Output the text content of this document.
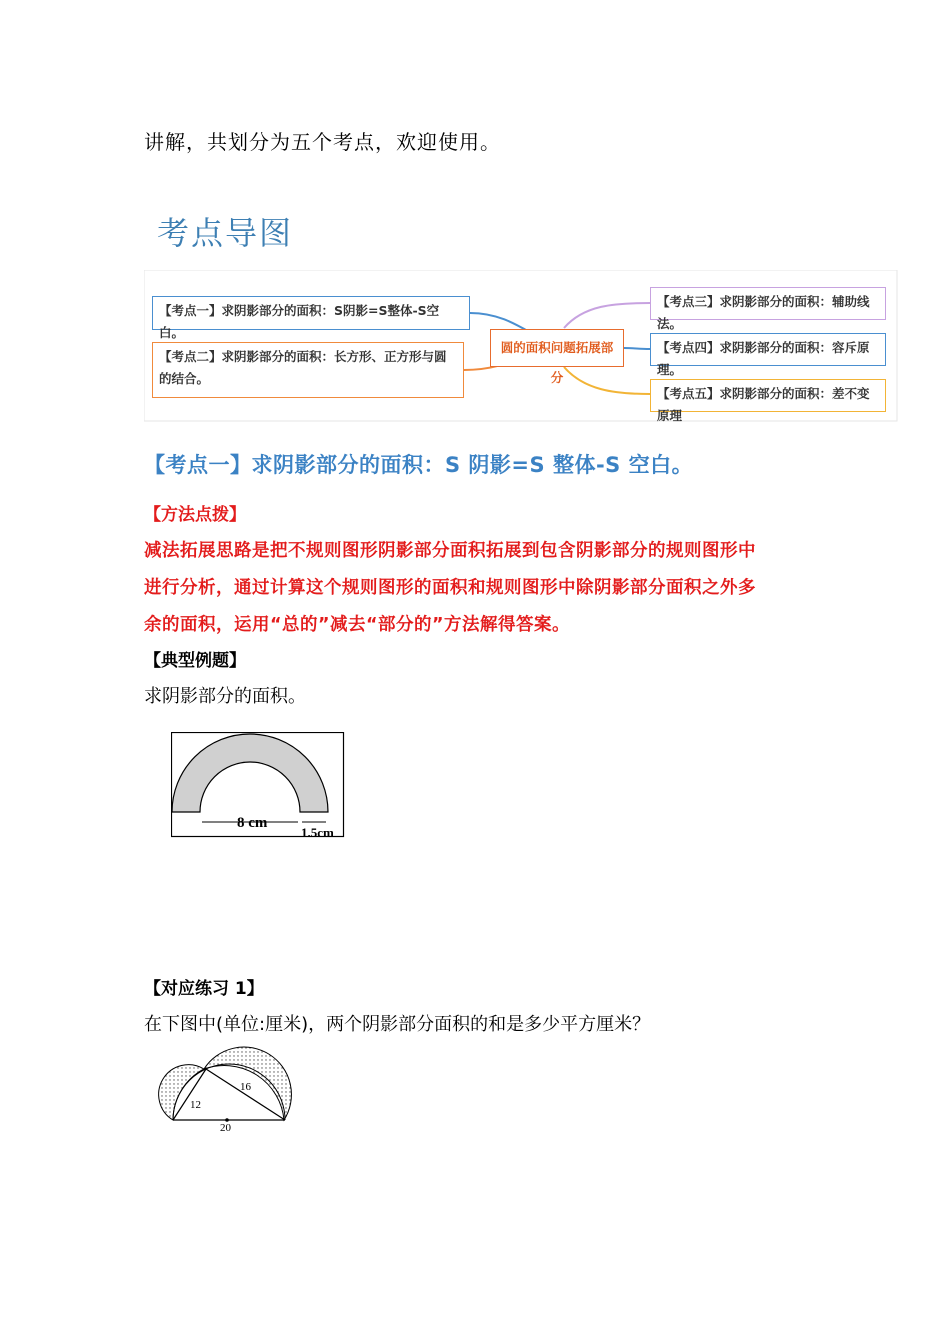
讲解，共划分为五个考点，欢迎使用。
考点导图
【考点一】求阴影部分的面积：S阴影=S整体-S空白。
【考点二】求阴影部分的面积：长方形、正方形与圆的结合。
圆的面积问题拓展部分
【考点三】求阴影部分的面积：辅助线法。
【考点四】求阴影部分的面积：容斥原理。
【考点五】求阴影部分的面积：差不变原理
【考点一】求阴影部分的面积：S 阴影=S 整体-S 空白。
【方法点拨】
减法拓展思路是把不规则图形阴影部分面积拓展到包含阴影部分的规则图形中
进行分析，通过计算这个规则图形的面积和规则图形中除阴影部分面积之外多
余的面积，运用“总的”减去“部分的”方法解得答案。
【典型例题】
求阴影部分的面积。
8 cm
1.5cm
【对应练习 1】
在下图中(单位:厘米)，两个阴影部分面积的和是多少平方厘米？
12
16
20
